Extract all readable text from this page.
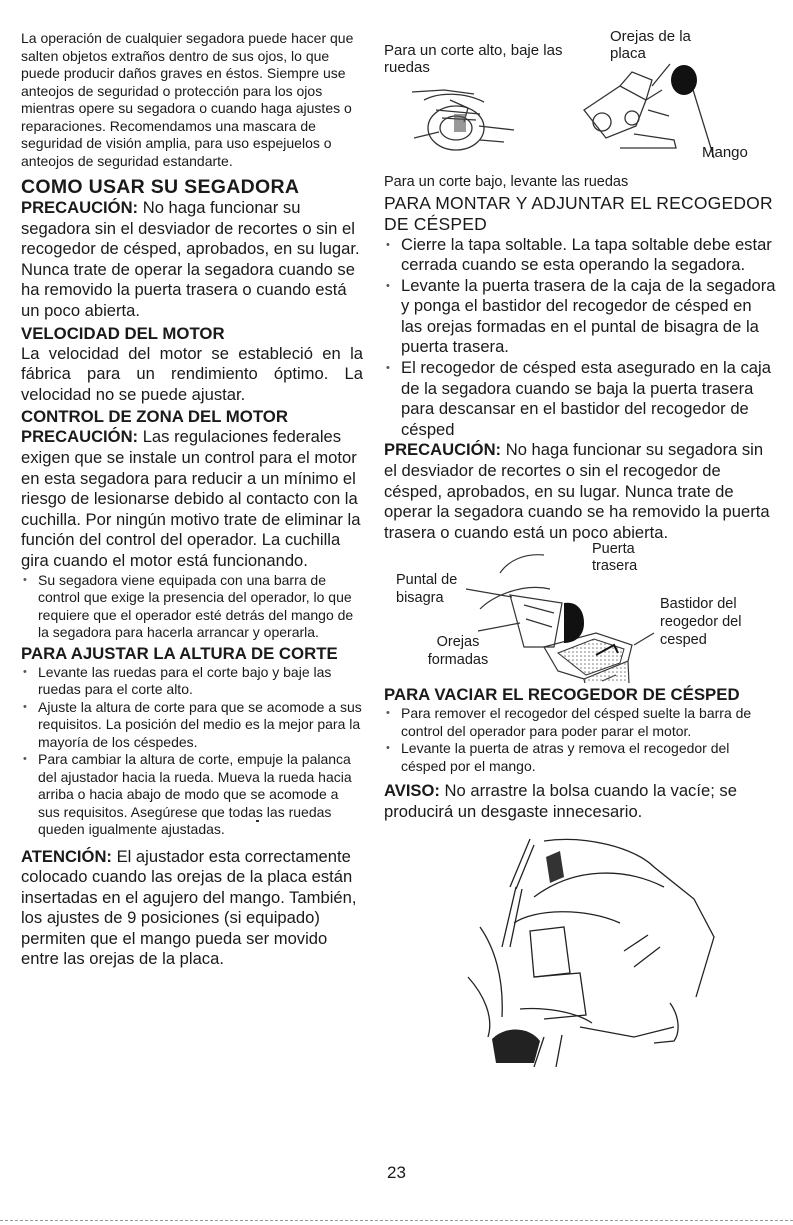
La operación de cualquier segadora puede hacer que salten objetos extraños dentro de sus ojos, lo que puede producir daños graves en éstos. Siempre use anteojos de seguridad o protección para los ojos mientras opere su segadora o cuando haga ajustes o reparaciones. Recomendamos una mascara de seguridad de visión amplia, para uso espejuelos o anteojos de seguridad estandarte.

COMO USAR SU SEGADORA

PRECAUCIÓN: No haga funcionar su segadora sin el desviador de recortes o sin el recogedor de césped, aprobados, en su lugar. Nunca trate de operar la segadora cuando se ha removido la puerta trasera o cuando está un poco abierta.

VELOCIDAD DEL MOTOR

La velocidad del motor se estableció en la fábrica para un rendimiento óptimo. La velocidad no se puede ajustar.

CONTROL DE ZONA DEL MOTOR

PRECAUCIÓN: Las regulaciones federales exigen que se instale un control para el motor en esta segadora para reducir a un mínimo el riesgo de lesionarse debido al contacto con la cuchilla. Por ningún motivo trate de eliminar la función del control del operador. La cuchilla gira cuando el motor está funcionando.

• Su segadora viene equipada con una barra de control que exige la presencia del operador, lo que requiere que el operador esté detrás del mango de la segadora para hacerla arrancar y operarla.
PARA AJUSTAR LA ALTURA DE CORTE
• Levante las ruedas para el corte bajo y baje las ruedas para el corte alto.
• Ajuste la altura de corte para que se acomode a sus requisitos. La posición del medio es la mejor para la mayoría de los céspedes.
• Para cambiar la altura de corte, empuje la palanca del ajustador hacia la rueda. Mueva la rueda hacia arriba o hacia abajo de modo que se acomode a sus requisitos. Asegúrese que todas las ruedas queden igualmente ajustadas.

ATENCIÓN: El ajustador esta correctamente colocado cuando las orejas de la placa están insertadas en el agujero del mango. También, los ajustes de 9 posiciones (si equipado) permiten que el mango pueda ser movido entre las orejas de la placa.

Para un corte alto, baje las ruedas
Orejas de la placa
Mango

Para un corte bajo, levante las ruedas

PARA MONTAR Y ADJUNTAR EL RECOGEDOR DE CÉSPED
• Cierre la tapa soltable. La tapa soltable debe estar cerrada cuando se esta operando la segadora.
• Levante la puerta trasera de la caja de la segadora y ponga el bastidor del recogedor de césped en las orejas formadas en el puntal de bisagra de la puerta trasera.
• El recogedor de césped esta asegurado en la caja de la segadora cuando se baja la puerta trasera para descansar en el bastidor del recogedor de césped

PRECAUCIÓN: No haga funcionar su segadora sin el desviador de recortes o sin el recogedor de césped, aprobados, en su lugar. Nunca trate de operar la segadora cuando se ha removido la puerta trasera o cuando está un poco abierta.

Puerta trasera
Puntal de bisagra	Bastidor del reogedor del cesped
Orejas formadas
PARA VACIAR EL RECOGEDOR DE CÉSPED
• Para remover el recogedor del césped suelte la barra de control del operador para poder parar el motor.
• Levante la puerta de atras y remova el recogedor del césped por el mango.

AVISO: No arrastre la bolsa cuando la vacíe; se producirá un desgaste innecesario.

23
